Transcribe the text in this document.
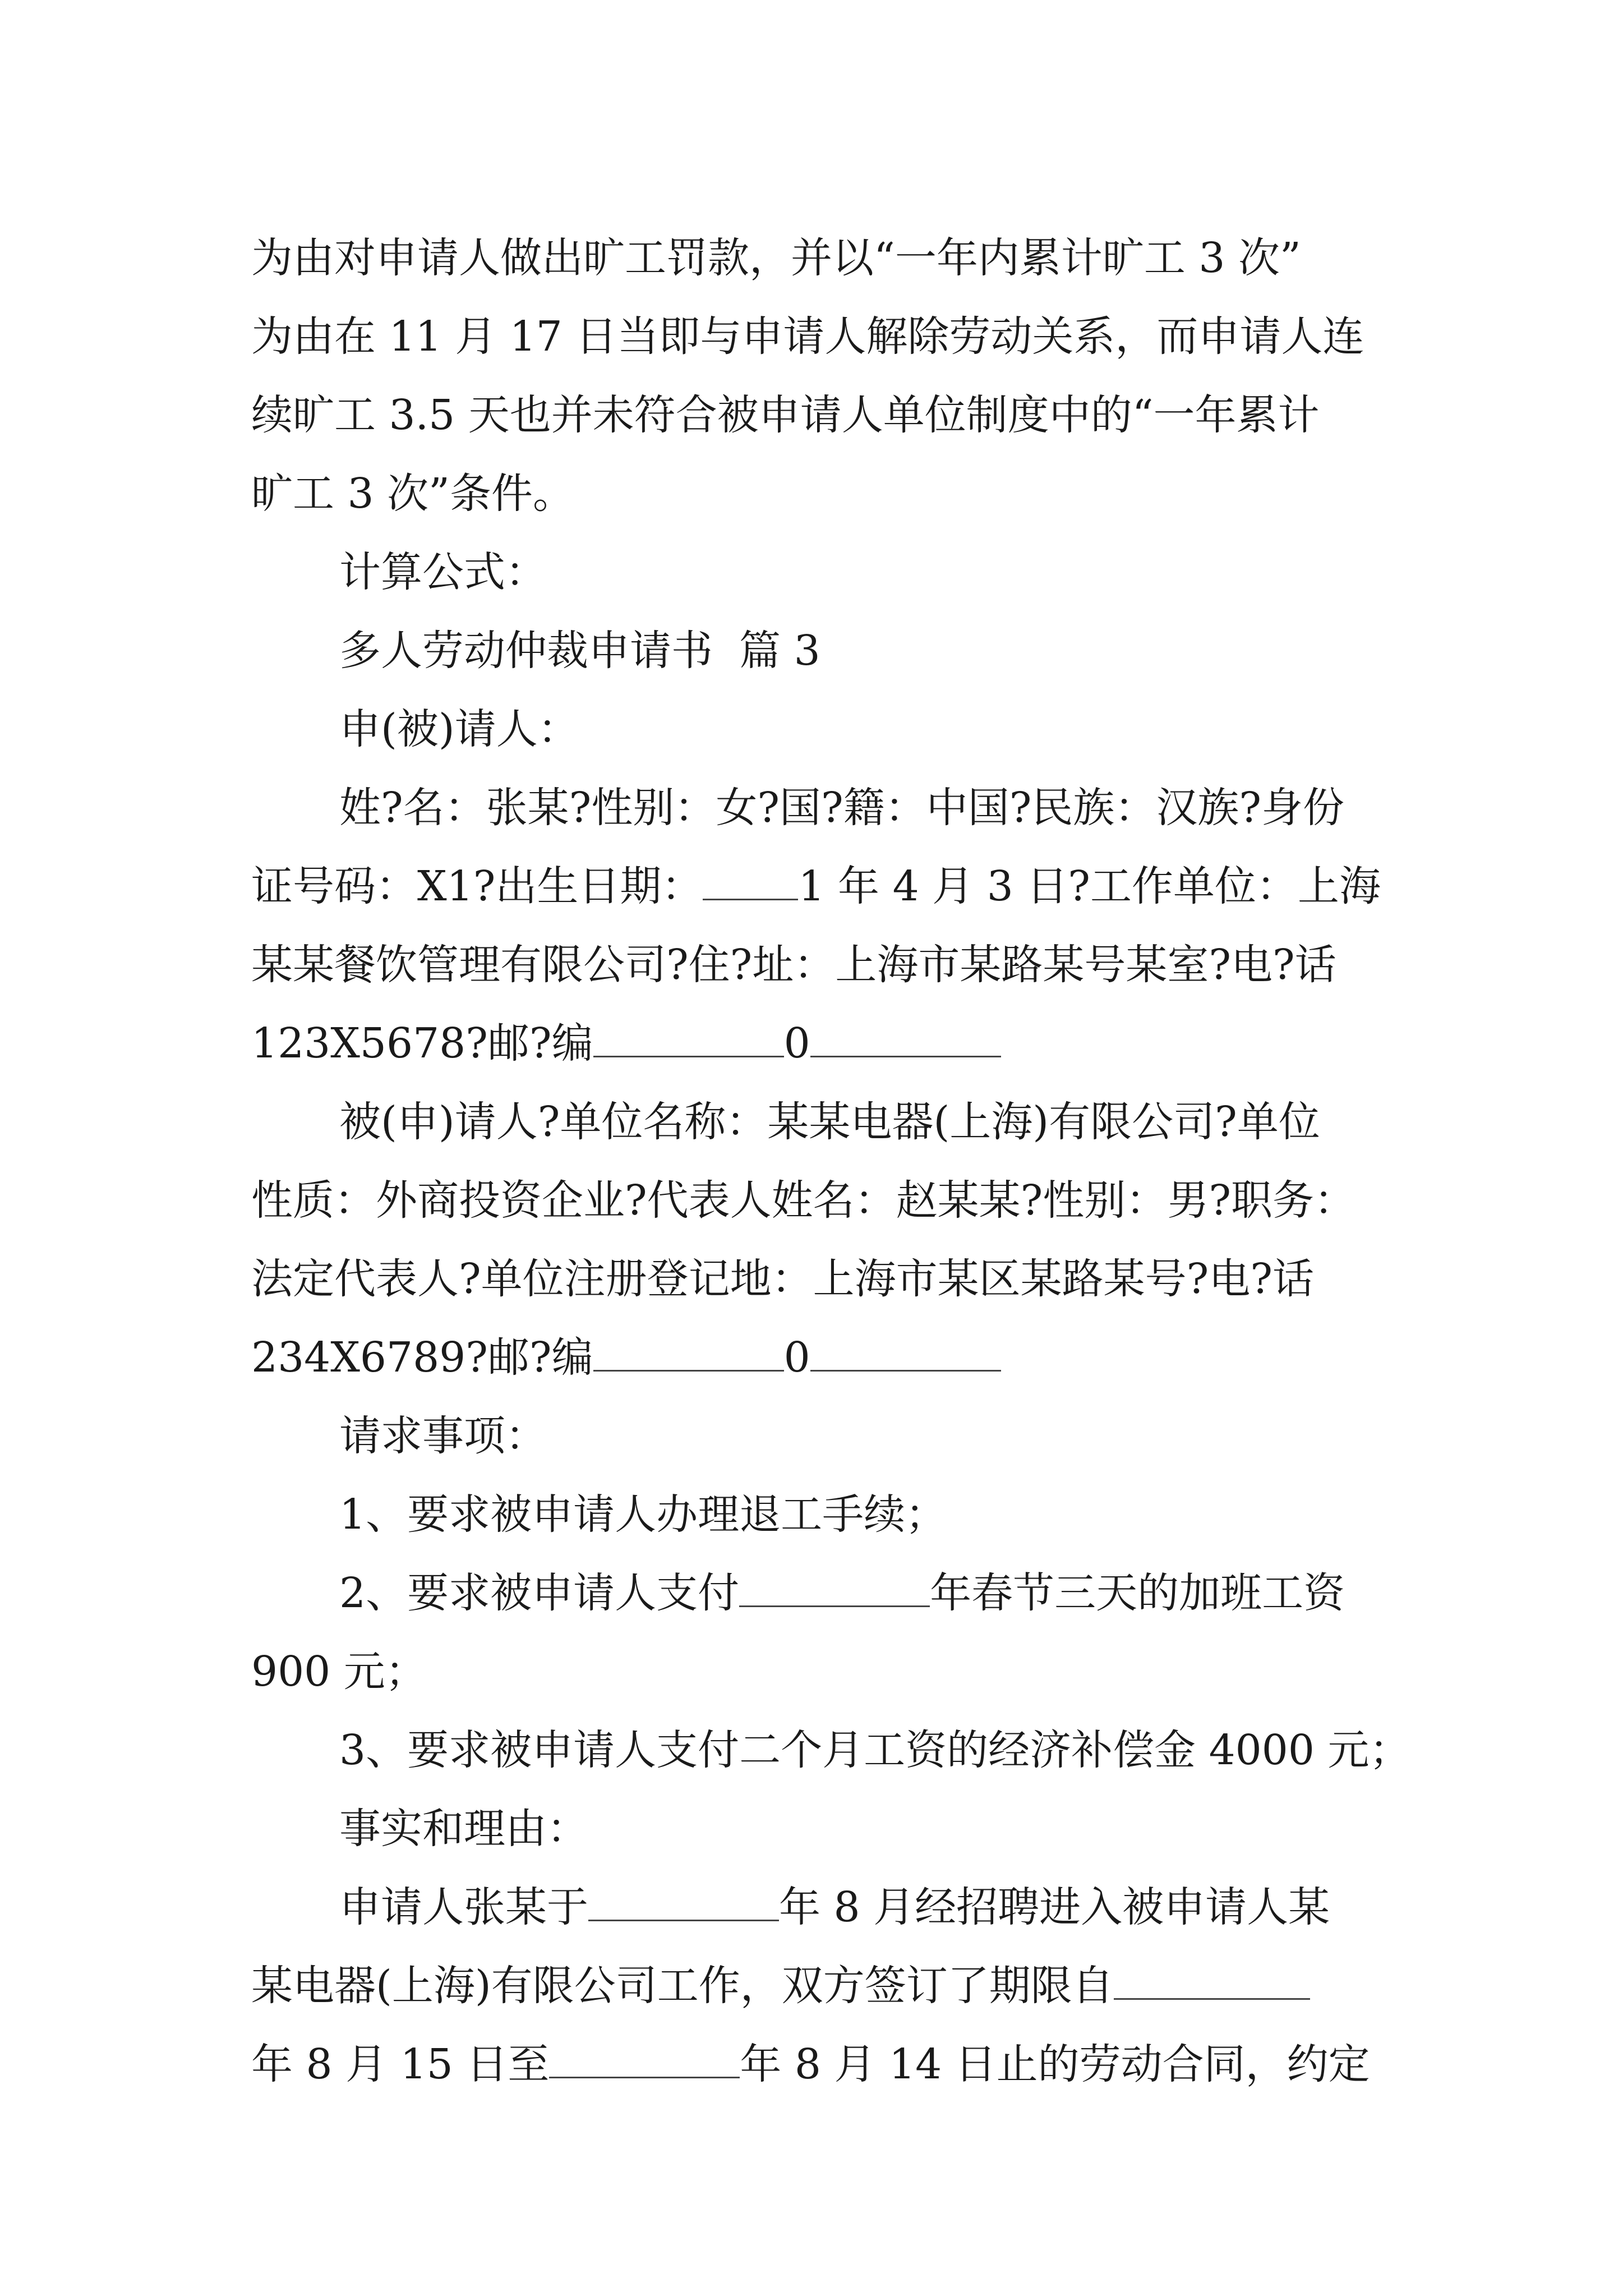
为由对申请人做出旷工罚款，并以“一年内累计旷工 3 次”

为由在 11 月 17 日当即与申请人解除劳动关系，而申请人连

续旷工 3.5 天也并未符合被申请人单位制度中的“一年累计

旷工 3 次”条件。

计算公式：

多人劳动仲裁申请书  篇 3

申(被)请人：

姓?名：张某?性别：女?国?籍：中国?民族：汉族?身份

证号码：X1?出生日期： 1 年 4 月 3 日?工作单位：上海

某某餐饮管理有限公司?住?址：上海市某路某号某室?电?话

123X5678?邮?编	0

被(申)请人?单位名称：某某电器(上海)有限公司?单位

性质：外商投资企业?代表人姓名：赵某某?性别：男?职务：

法定代表人?单位注册登记地：上海市某区某路某号?电?话

234X6789?邮?编	0

请求事项：

1、要求被申请人办理退工手续；

2、要求被申请人支付	年春节三天的加班工资

900 元；

3、要求被申请人支付二个月工资的经济补偿金 4000 元；

事实和理由：

申请人张某于	年 8 月经招聘进入被申请人某

某电器(上海)有限公司工作，双方签订了期限自

年 8 月 15 日至	年 8 月 14 日止的劳动合同，约定
